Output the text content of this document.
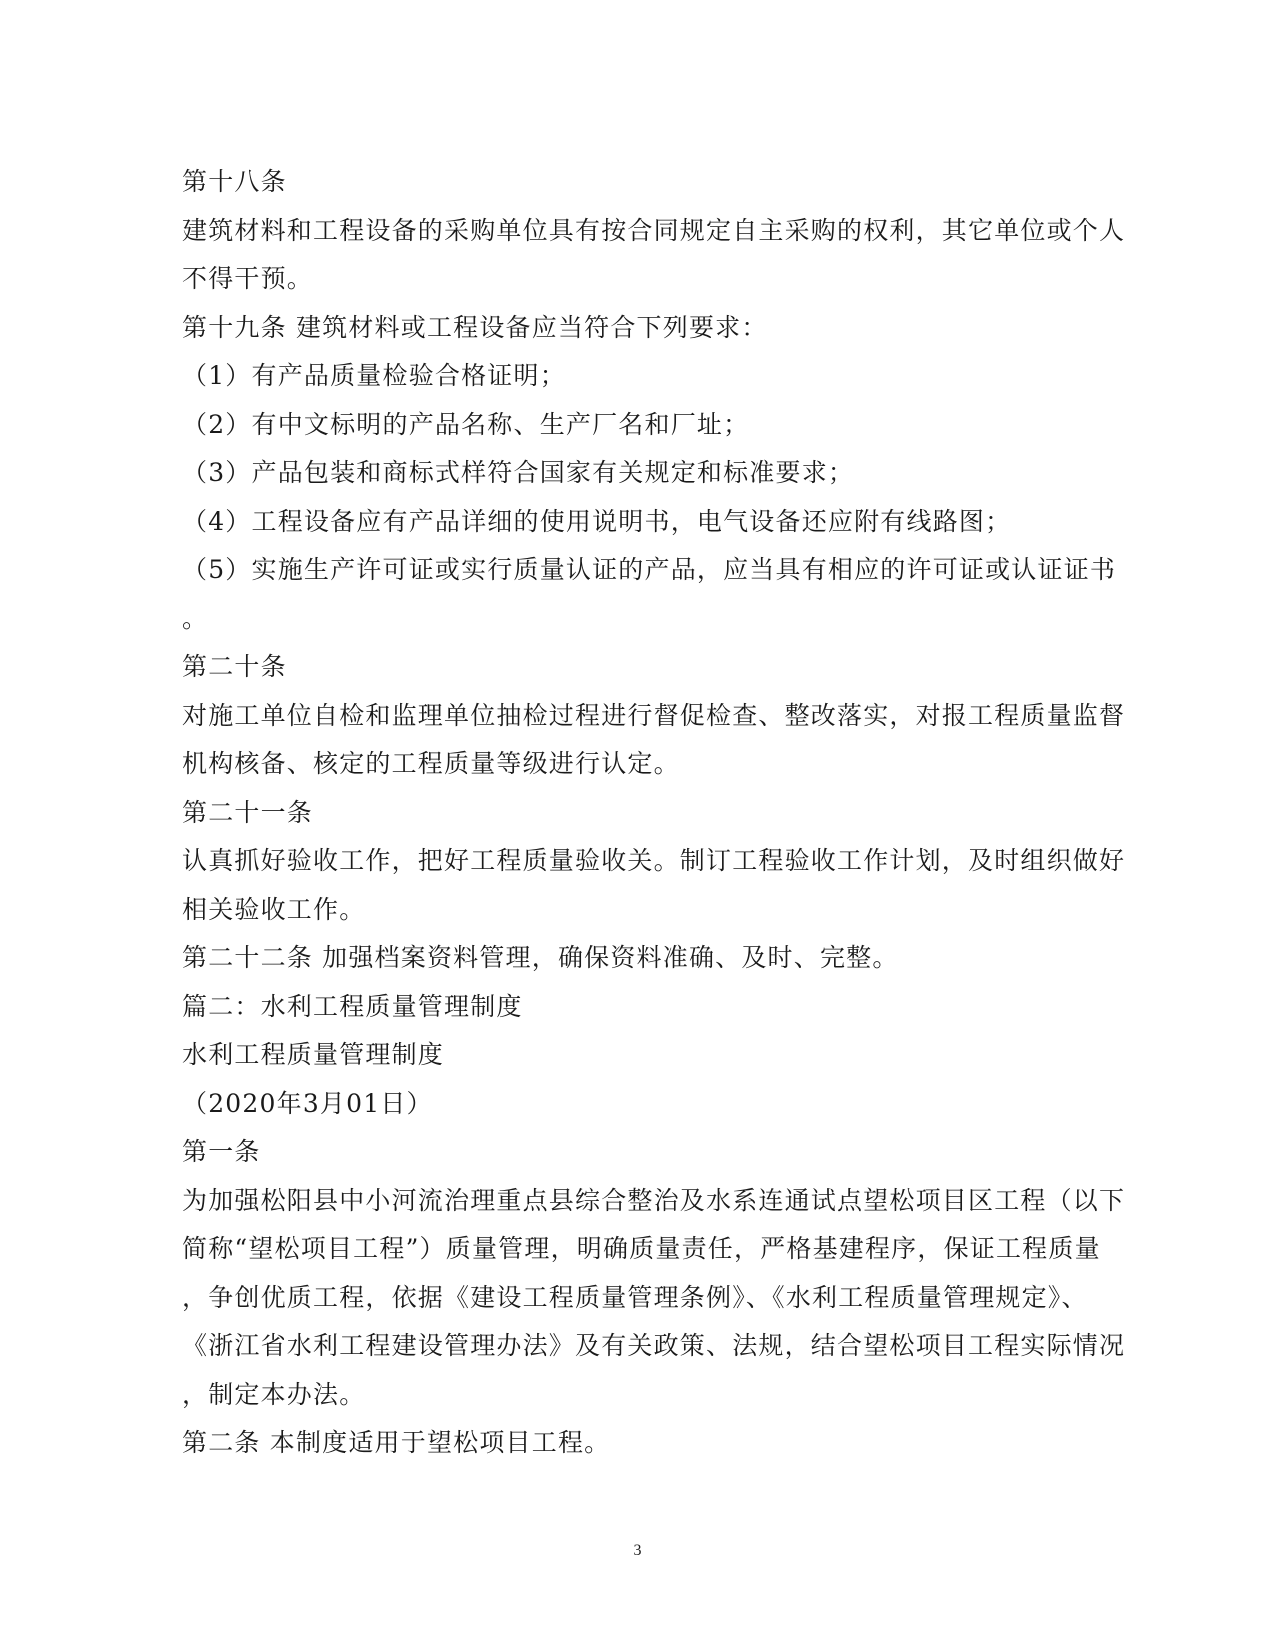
第十八条
建筑材料和工程设备的采购单位具有按合同规定自主采购的权利，其它单位或个人
不得干预。
第十九条 建筑材料或工程设备应当符合下列要求：
（1）有产品质量检验合格证明；
（2）有中文标明的产品名称、生产厂名和厂址；
（3）产品包装和商标式样符合国家有关规定和标准要求；
（4）工程设备应有产品详细的使用说明书，电气设备还应附有线路图；
（5）实施生产许可证或实行质量认证的产品，应当具有相应的许可证或认证证书
。
第二十条
对施工单位自检和监理单位抽检过程进行督促检查、整改落实，对报工程质量监督
机构核备、核定的工程质量等级进行认定。
第二十一条
认真抓好验收工作，把好工程质量验收关。制订工程验收工作计划，及时组织做好
相关验收工作。
第二十二条 加强档案资料管理，确保资料准确、及时、完整。
篇二：水利工程质量管理制度
水利工程质量管理制度
（2020年3月01日）
第一条
为加强松阳县中小河流治理重点县综合整治及水系连通试点望松项目区工程（以下
简称“望松项目工程”）质量管理，明确质量责任，严格基建程序，保证工程质量
，争创优质工程，依据《建设工程质量管理条例》、《水利工程质量管理规定》、
《浙江省水利工程建设管理办法》及有关政策、法规，结合望松项目工程实际情况
，制定本办法。
第二条 本制度适用于望松项目工程。
3
